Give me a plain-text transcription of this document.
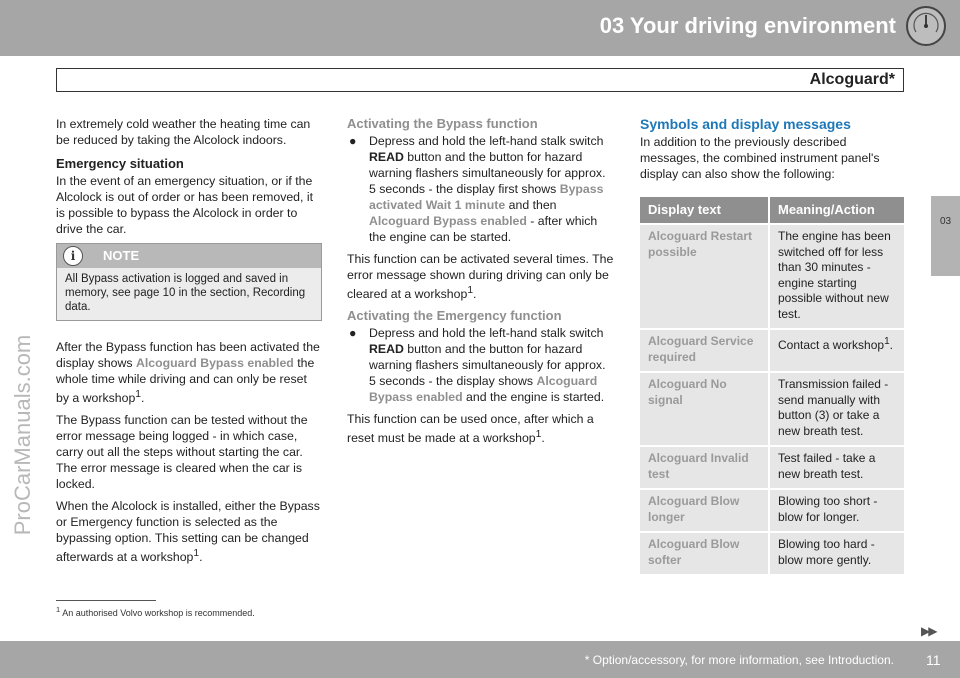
03 Your driving environment
Alcoguard*
03
ProCarManuals.com

In extremely cold weather the heating time can be reduced by taking the Alcolock indoors.

Emergency situation

In the event of an emergency situation, or if the Alcolock is out of order or has been removed, it is possible to bypass the Alcolock in order to drive the car.

i	NOTE
All Bypass activation is logged and saved in memory, see page 10 in the section, Recording data.

After the Bypass function has been activated the display shows Alcoguard Bypass enabled the whole time while driving and can only be reset by a workshop$^1$.

The Bypass function can be tested without the error message being logged - in which case, carry out all the steps without starting the car. The error message is cleared when the car is locked.

When the Alcolock is installed, either the Bypass or Emergency function is selected as the bypassing option. This setting can be changed afterwards at a workshop$^1$.

Activating the Bypass function
● Depress and hold the left-hand stalk switch READ button and the button for hazard warning flashers simultaneously for approx. 5 seconds - the display first shows Bypass activated Wait 1 minute and then Alcoguard Bypass enabled - after which the engine can be started.

This function can be activated several times. The error message shown during driving can only be cleared at a workshop$^1$.

Activating the Emergency function
● Depress and hold the left-hand stalk switch READ button and the button for hazard warning flashers simultaneously for approx. 5 seconds - the display shows Alcoguard Bypass enabled and the engine is started.

This function can be used once, after which a reset must be made at a workshop$^1$.

Symbols and display messages

In addition to the previously described messages, the combined instrument panel's display can also show the following:

Display text	Meaning/Action
Alcoguard Restart possible	The engine has been switched off for less than 30 minutes - engine starting possible without new test.
Alcoguard Service required	Contact a workshop$^1$.
Alcoguard No signal	Transmission failed - send manually with button (3) or take a new breath test.
Alcoguard Invalid test	Test failed - take a new breath test.
Alcoguard Blow longer	Blowing too short - blow for longer.
Alcoguard Blow softer	Blowing too hard - blow more gently.
$^1$ An authorised Volvo workshop is recommended.
▶▶
* Option/accessory, for more information, see Introduction. 11
